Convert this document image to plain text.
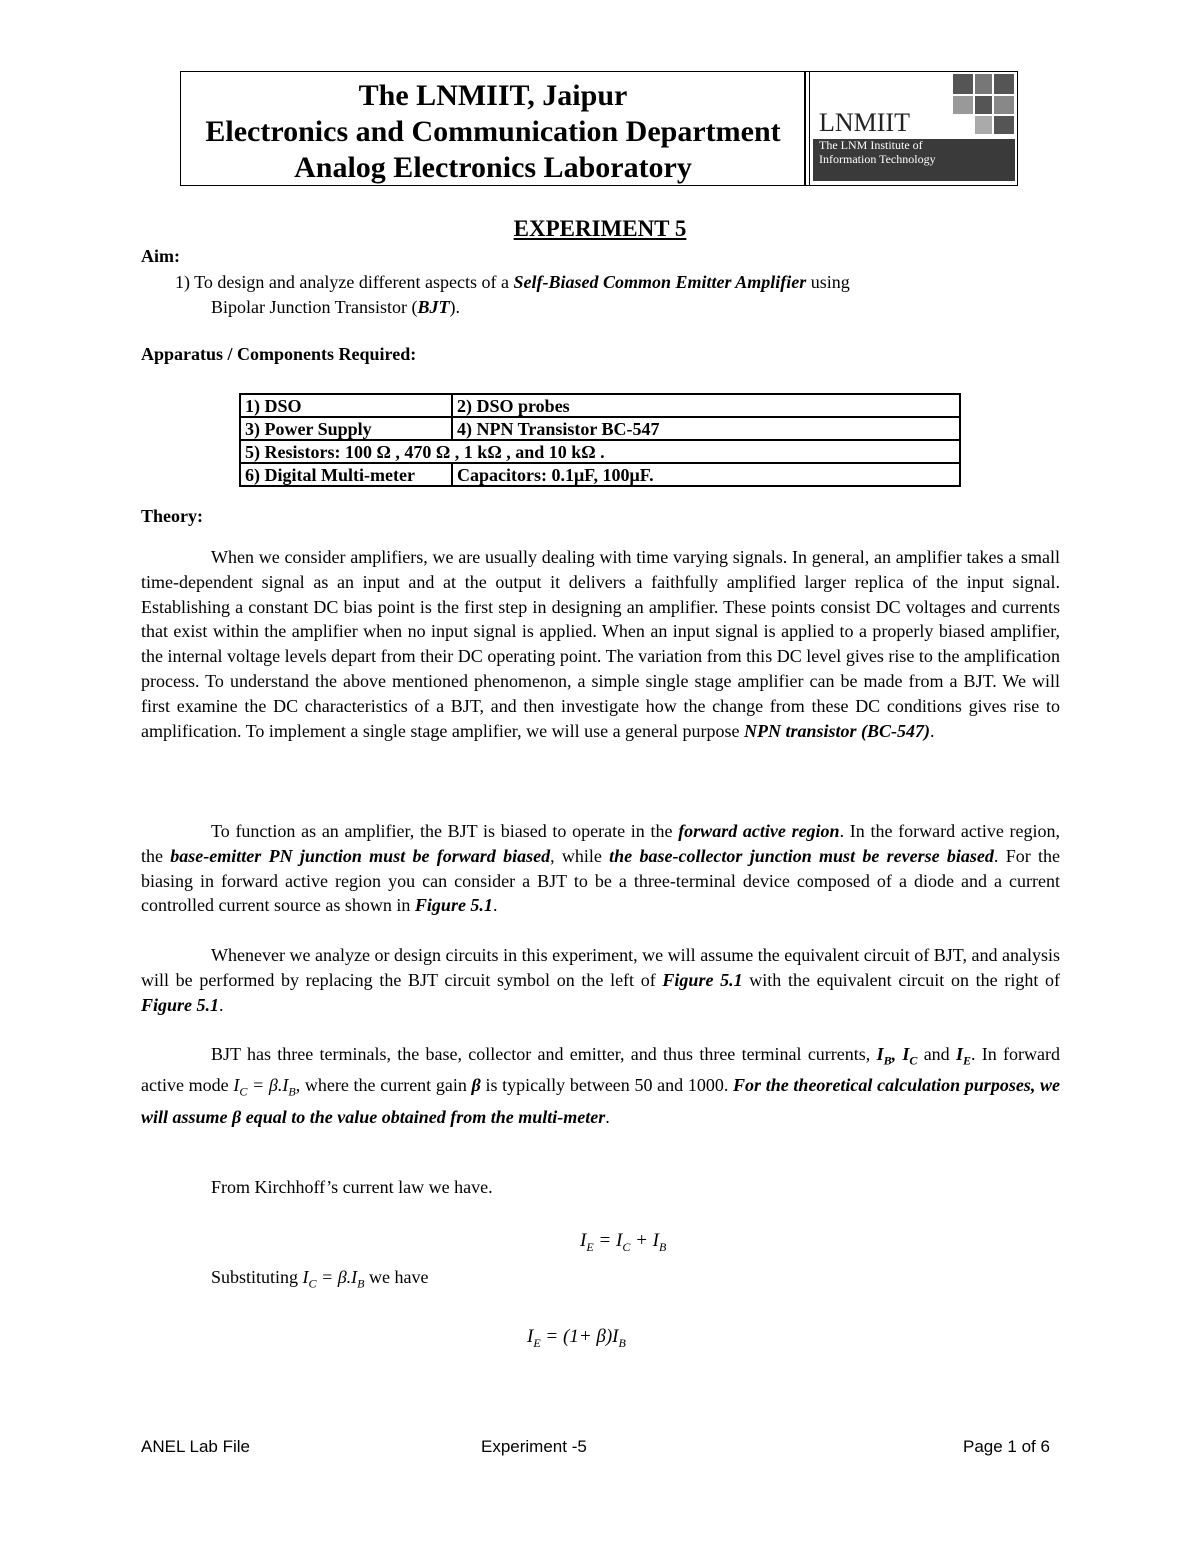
The LNMIIT, Jaipur
Electronics and Communication Department
Analog Electronics Laboratory
LNMIIT
The LNM Institute of
Information Technology
EXPERIMENT 5
Aim:
1) To design and analyze different aspects of a Self-Biased Common Emitter Amplifier using
Bipolar Junction Transistor (BJT).
Apparatus / Components Required:
1) DSO	2) DSO probes
3) Power Supply	4) NPN Transistor BC-547
5) Resistors: 100 Ω , 470 Ω , 1 kΩ , and 10 kΩ .	
6) Digital Multi-meter	Capacitors: 0.1μF, 100μF.
Theory:
When we consider amplifiers, we are usually dealing with time varying signals. In general, an amplifier takes a small time-dependent signal as an input and at the output it delivers a faithfully amplified larger replica of the input signal. Establishing a constant DC bias point is the first step in designing an amplifier. These points consist DC voltages and currents that exist within the amplifier when no input signal is applied. When an input signal is applied to a properly biased amplifier, the internal voltage levels depart from their DC operating point. The variation from this DC level gives rise to the amplification process. To understand the above mentioned phenomenon, a simple single stage amplifier can be made from a BJT. We will first examine the DC characteristics of a BJT, and then investigate how the change from these DC conditions gives rise to amplification. To implement a single stage amplifier, we will use a general purpose NPN transistor (BC-547).
To function as an amplifier, the BJT is biased to operate in the forward active region. In the forward active region, the base-emitter PN junction must be forward biased, while the base-collector junction must be reverse biased. For the biasing in forward active region you can consider a BJT to be a three-terminal device composed of a diode and a current controlled current source as shown in Figure 5.1.
Whenever we analyze or design circuits in this experiment, we will assume the equivalent circuit of BJT, and analysis will be performed by replacing the BJT circuit symbol on the left of Figure 5.1 with the equivalent circuit on the right of Figure 5.1.
BJT has three terminals, the base, collector and emitter, and thus three terminal currents, $I_B$, $I_C$ and $I_E$. In forward active mode $I_C = \beta.I_B$, where the current gain β is typically between 50 and 1000. For the theoretical calculation purposes, we will assume β equal to the value obtained from the multi-meter.
From Kirchhoff’s current law we have.
$I_E = I_C + I_B$
Substituting $I_C = \beta.I_B$ we have
$I_E = (1+ \beta)I_B$
ANEL Lab File	Experiment -5	Page 1 of 6
